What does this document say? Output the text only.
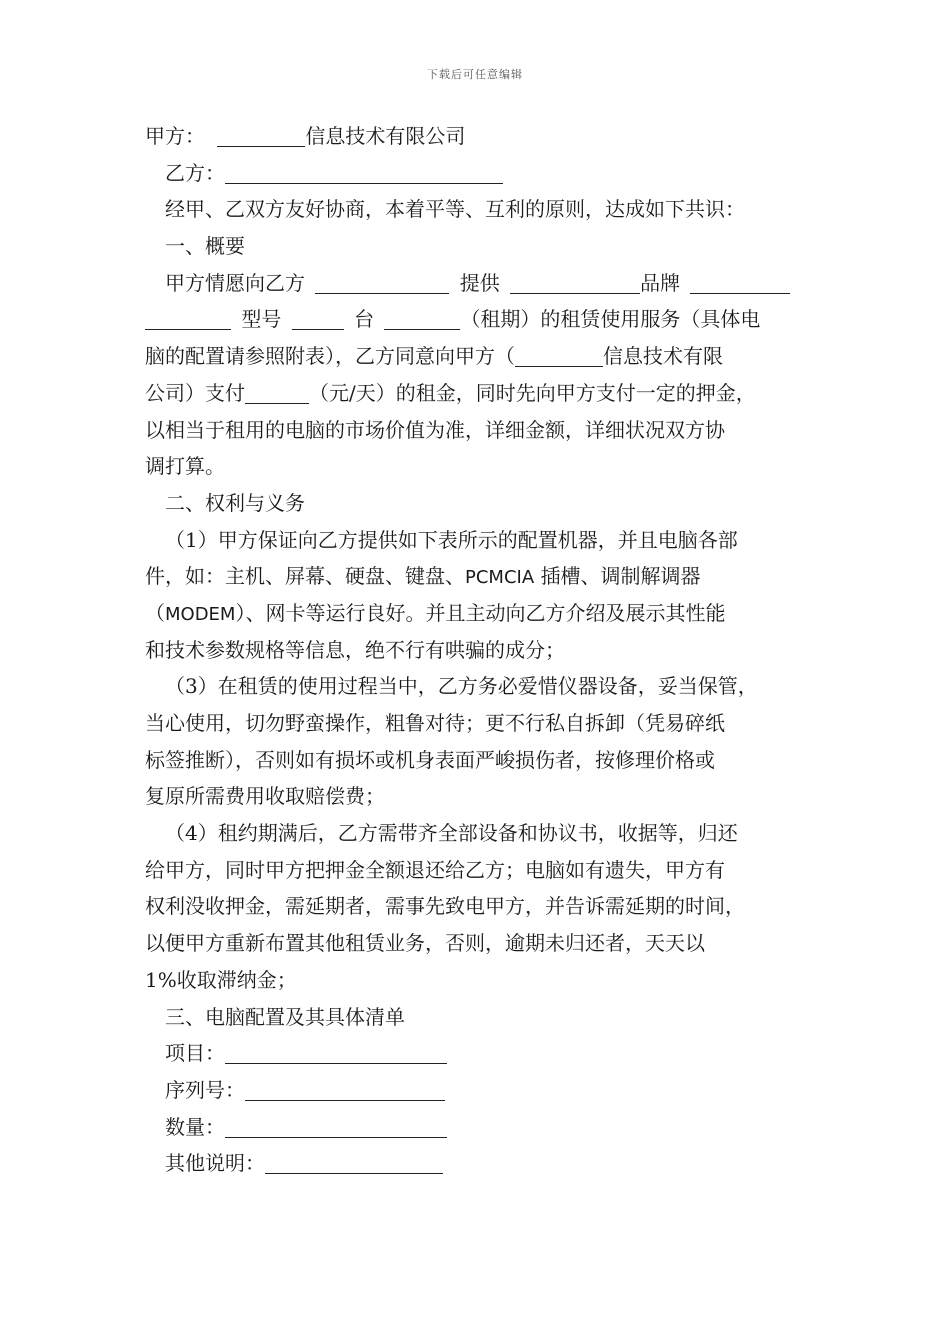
下载后可任意编辑
甲方：	信息技术有限公司
乙方：
经甲、乙双方友好协商，本着平等、互利的原则，达成如下共识：
一、概要
甲方情愿向乙方	提供	品牌
型号	台	（租期）的租赁使用服务（具体电
脑的配置请参照附表），乙方同意向甲方（	信息技术有限
公司）支付	（元/天）的租金，同时先向甲方支付一定的押金，
以相当于租用的电脑的市场价值为准，详细金额，详细状况双方协
调打算。
二、权利与义务
（1）甲方保证向乙方提供如下表所示的配置机器，并且电脑各部
件，如：主机、屏幕、硬盘、键盘、PCMCIA 插槽、调制解调器
（MODEM）、网卡等运行良好。并且主动向乙方介绍及展示其性能
和技术参数规格等信息，绝不行有哄骗的成分；
（3）在租赁的使用过程当中，乙方务必爱惜仪器设备，妥当保管，
当心使用，切勿野蛮操作，粗鲁对待；更不行私自拆卸（凭易碎纸
标签推断），否则如有损坏或机身表面严峻损伤者，按修理价格或
复原所需费用收取赔偿费；
（4）租约期满后，乙方需带齐全部设备和协议书，收据等，归还
给甲方，同时甲方把押金全额退还给乙方；电脑如有遗失，甲方有
权利没收押金，需延期者，需事先致电甲方，并告诉需延期的时间，
以便甲方重新布置其他租赁业务，否则，逾期未归还者，天天以
1%收取滞纳金；
三、电脑配置及其具体清单
项目：
序列号：
数量：
其他说明：
